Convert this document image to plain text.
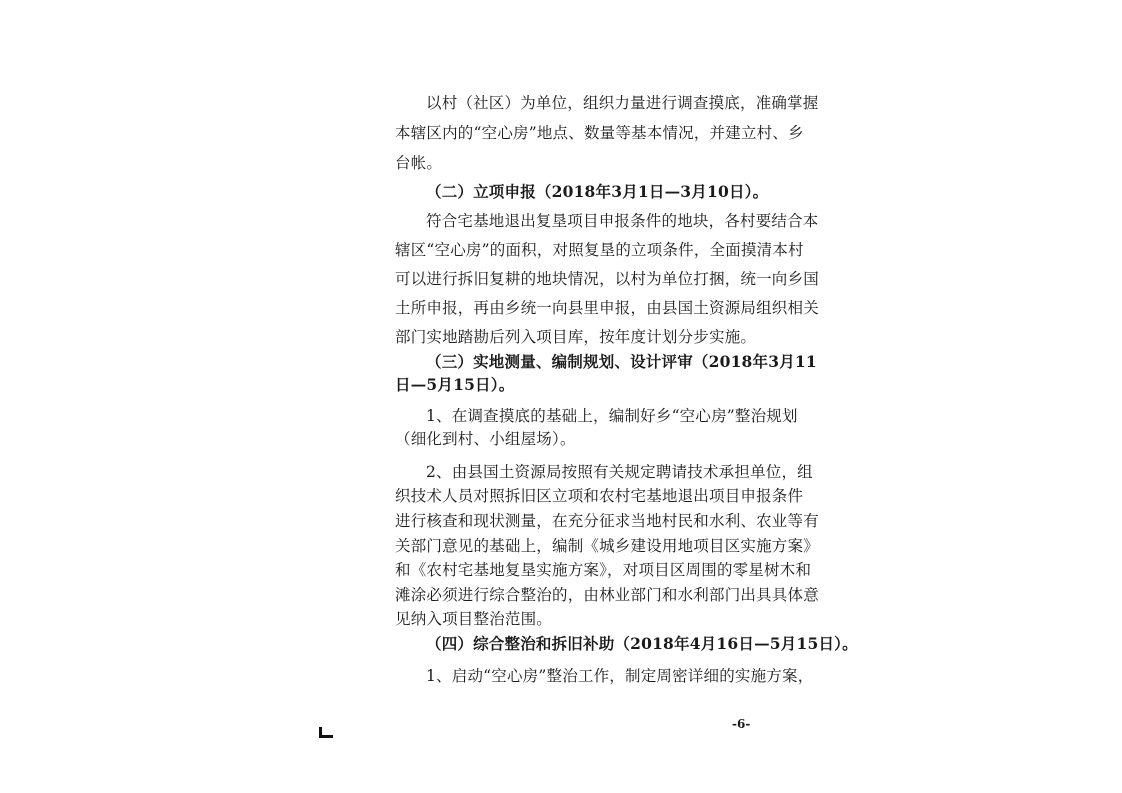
以村（社区）为单位，组织力量进行调查摸底，准确掌握
本辖区内的“空心房”地点、数量等基本情况，并建立村、乡
台帐。
（二）立项申报（2018年3月1日—3月10日）。
符合宅基地退出复垦项目申报条件的地块，各村要结合本
辖区“空心房”的面积，对照复垦的立项条件，全面摸清本村
可以进行拆旧复耕的地块情况，以村为单位打捆，统一向乡国
土所申报，再由乡统一向县里申报，由县国土资源局组织相关
部门实地踏勘后列入项目库，按年度计划分步实施。
（三）实地测量、编制规划、设计评审（2018年3月11
日—5月15日）。
1、在调查摸底的基础上，编制好乡“空心房”整治规划
（细化到村、小组屋场）。
2、由县国土资源局按照有关规定聘请技术承担单位，组
织技术人员对照拆旧区立项和农村宅基地退出项目申报条件
进行核查和现状测量，在充分征求当地村民和水利、农业等有
关部门意见的基础上，编制《城乡建设用地项目区实施方案》
和《农村宅基地复垦实施方案》，对项目区周围的零星树木和
滩涂必须进行综合整治的，由林业部门和水利部门出具具体意
见纳入项目整治范围。
（四）综合整治和拆旧补助（2018年4月16日—5月15日）。
1、启动“空心房”整治工作，制定周密详细的实施方案，
-6-
